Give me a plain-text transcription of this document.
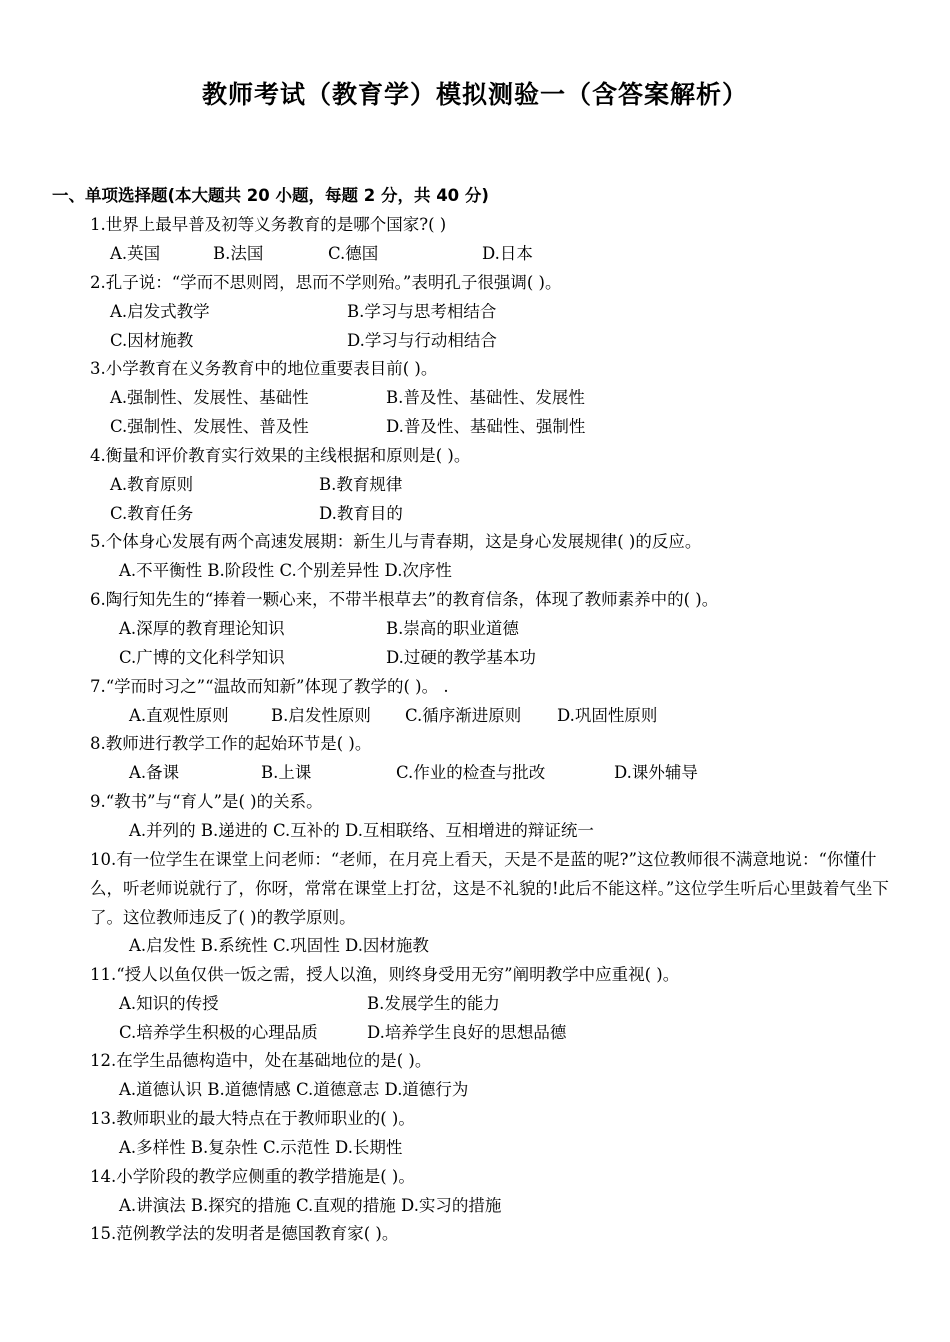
教师考试（教育学）模拟测验一（含答案解析）
一、单项选择题(本大题共 20 小题，每题 2 分，共 40 分)
1.世界上最早普及初等义务教育的是哪个国家?( )
A.英国	B.法国	C.德国	D.日本
2.孔子说：“学而不思则罔，思而不学则殆。”表明孔子很强调( )。
A.启发式教学	B.学习与思考相结合
C.因材施教	D.学习与行动相结合
3.小学教育在义务教育中的地位重要表目前( )。
A.强制性、发展性、基础性	B.普及性、基础性、发展性
C.强制性、发展性、普及性	D.普及性、基础性、强制性
4.衡量和评价教育实行效果的主线根据和原则是( )。
A.教育原则	B.教育规律
C.教育任务	D.教育目的
5.个体身心发展有两个高速发展期：新生儿与青春期，这是身心发展规律( )的反应。
A.不平衡性 B.阶段性 C.个别差异性 D.次序性
6.陶行知先生的“捧着一颗心来，不带半根草去”的教育信条，体现了教师素养中的( )。
A.深厚的教育理论知识	B.崇高的职业道德
C.广博的文化科学知识	D.过硬的教学基本功
7.“学而时习之”“温故而知新”体现了教学的( )。 .
A.直观性原则	B.启发性原则 C.循序渐进原则 D.巩固性原则
8.教师进行教学工作的起始环节是( )。
A.备课	B.上课	C.作业的检查与批改	D.课外辅导
9.“教书”与“育人”是( )的关系。
A.并列的 B.递进的 C.互补的 D.互相联络、互相增进的辩证统一
10.有一位学生在课堂上问老师：“老师，在月亮上看天，天是不是蓝的呢?”这位教师很不满意地说：“你懂什么，听老师说就行了，你呀，常常在课堂上打岔，这是不礼貌的!此后不能这样。”这位学生听后心里鼓着气坐下了。这位教师违反了( )的教学原则。
A.启发性 B.系统性 C.巩固性 D.因材施教
11.“授人以鱼仅供一饭之需，授人以渔，则终身受用无穷”阐明教学中应重视( )。
A.知识的传授	B.发展学生的能力
C.培养学生积极的心理品质	D.培养学生良好的思想品德
12.在学生品德构造中，处在基础地位的是( )。
A.道德认识 B.道德情感 C.道德意志 D.道德行为
13.教师职业的最大特点在于教师职业的( )。
A.多样性 B.复杂性 C.示范性 D.长期性
14.小学阶段的教学应侧重的教学措施是( )。
A.讲演法 B.探究的措施 C.直观的措施 D.实习的措施
15.范例教学法的发明者是德国教育家( )。
